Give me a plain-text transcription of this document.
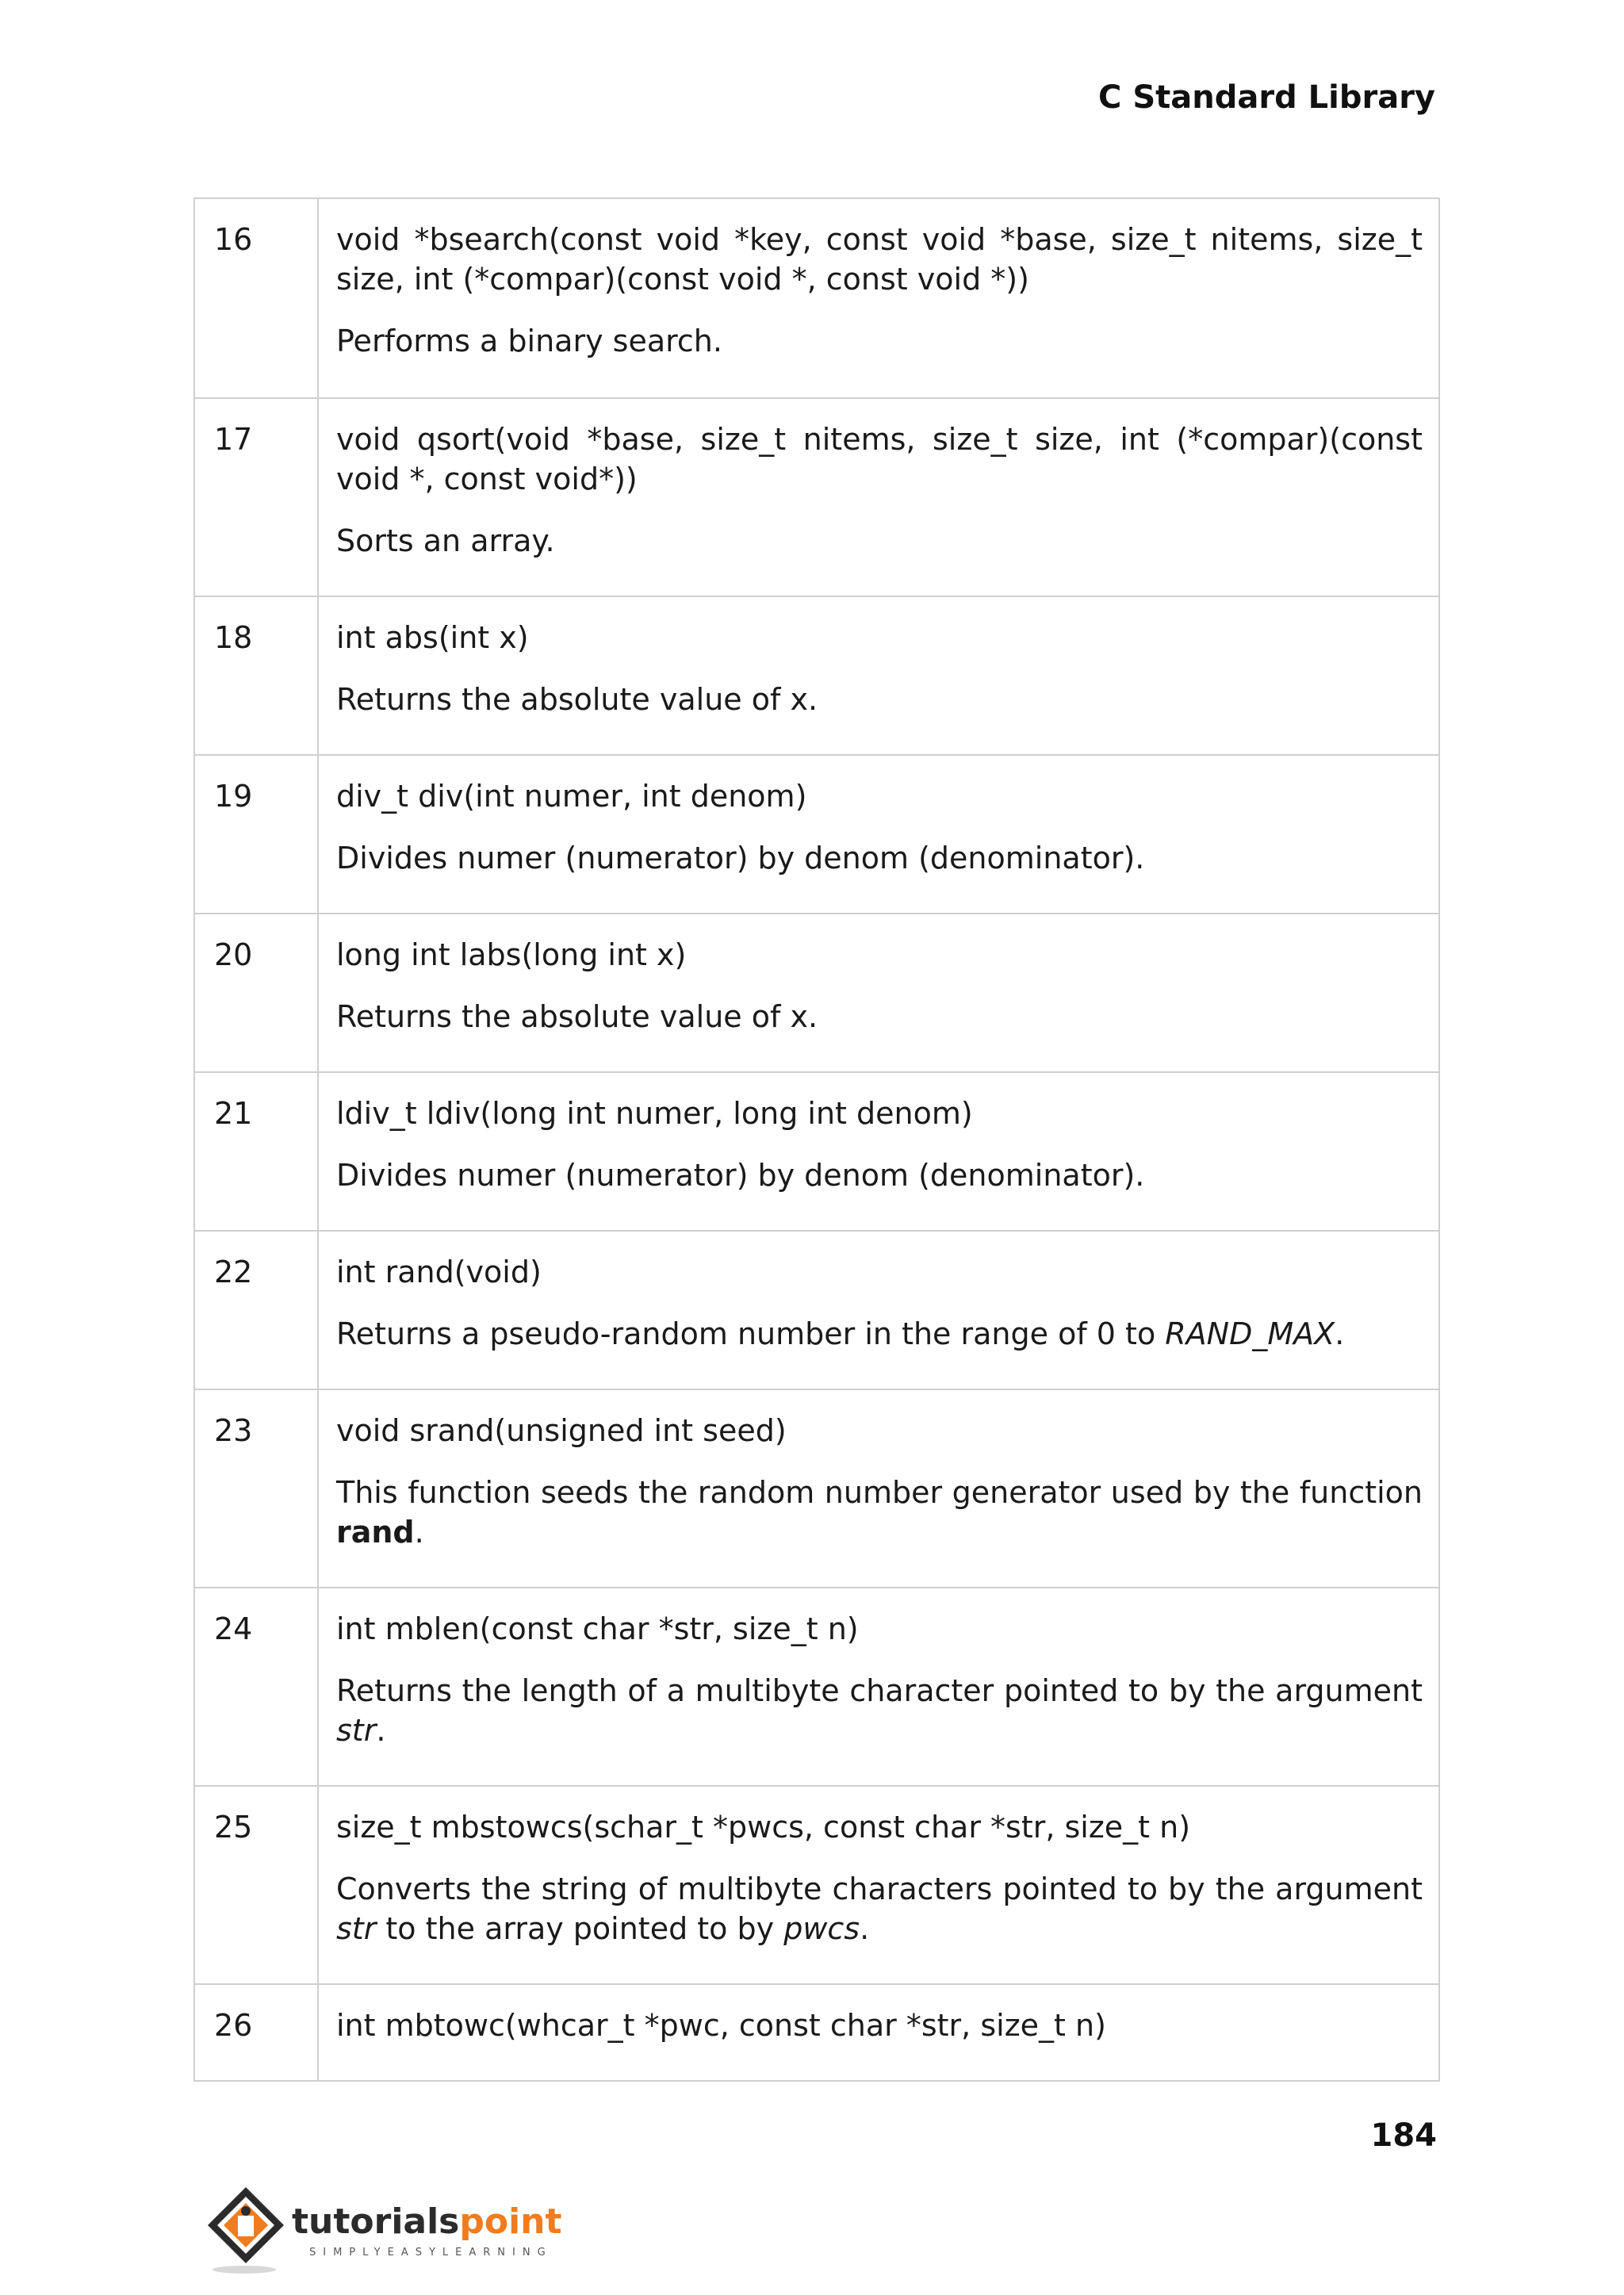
C Standard Library
16	void *bsearch(const void *key, const void *base, size_t nitems, size_t size, int (*compar)(const void *, const void *))

Performs a binary search.

17	void qsort(void *base, size_t nitems, size_t size, int (*compar)(const void *, const void*))

Sorts an array.

18	int abs(int x)

Returns the absolute value of x.

19	div_t div(int numer, int denom)

Divides numer (numerator) by denom (denominator).

20	long int labs(long int x)

Returns the absolute value of x.

21	ldiv_t ldiv(long int numer, long int denom)

Divides numer (numerator) by denom (denominator).

22	int rand(void)

Returns a pseudo-random number in the range of 0 to RAND_MAX.

23	void srand(unsigned int seed)

This function seeds the random number generator used by the function rand.

24	int mblen(const char *str, size_t n)

Returns the length of a multibyte character pointed to by the argument str.

25	size_t mbstowcs(schar_t *pwcs, const char *str, size_t n)

Converts the string of multibyte characters pointed to by the argument str to the array pointed to by pwcs.

26	int mbtowc(whcar_t *pwc, const char *str, size_t n)

184
tutorialspoint
SIMPLYEASYLEARNING
